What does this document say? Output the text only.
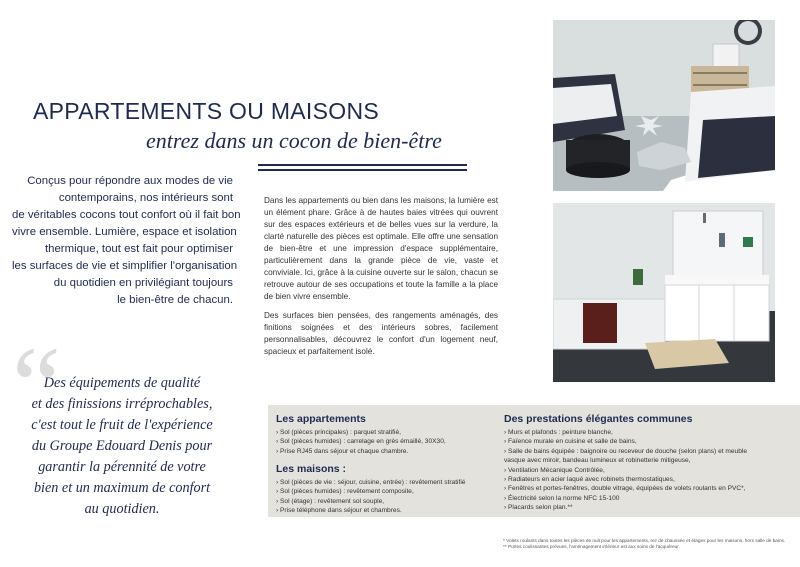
APPARTEMENTS OU MAISONS
entrez dans un cocon de bien-être
Conçus pour répondre aux modes de vie
contemporains, nos intérieurs sont
de véritables cocons tout confort où il fait bon
vivre ensemble. Lumière, espace et isolation
thermique, tout est fait pour optimiser
les surfaces de vie et simplifier l'organisation
du quotidien en privilégiant toujours
le bien-être de chacun.
“
Des équipements de qualité
et des finissions irréprochables,
c'est tout le fruit de l'expérience
du Groupe Edouard Denis pour
garantir la pérennité de votre
bien et un maximum de confort
au quotidien.

Dans les appartements ou bien dans les maisons, la lumière est un élément phare. Grâce à de hautes baies vitrées qui ouvrent sur des espaces extérieurs et de belles vues sur la verdure, la clarté naturelle des pièces est optimale. Elle offre une sensation de bien-être et une impression d'espace supplémentaire, particulièrement dans la grande pièce de vie, vaste et conviviale. Ici, grâce à la cuisine ouverte sur le salon, chacun se retrouve autour de ses occupations et toute la famille a la place de bien vivre ensemble.

Des surfaces bien pensées, des rangements aménagés, des finitions soignées et des intérieurs sobres, facilement personnalisables, découvrez le confort d'un logement neuf, spacieux et parfaitement isolé.

Les appartements
› Sol (pièces principales) : parquet stratifié,
› Sol (pièces humides) : carrelage en grès émaillé, 30X30,
› Prise RJ45 dans séjour et chaque chambre.
Les maisons :
› Sol (pièces de vie : séjour, cuisine, entrée) : revêtement stratifié
› Sol (pièces humides) : revêtement composite,
› Sol (étage) : revêtement sol souple,
› Prise téléphone dans séjour et chambres.
Des prestations élégantes communes
› Murs et plafonds : peinture blanche,
› Faïence murale en cuisine et salle de bains,
› Salle de bains équipée : baignoire ou receveur de douche (selon plans) et meuble
vasque avec miroir, bandeau lumineux et robinetterie mitigeuse,
› Ventilation Mécanique Contrôlée,
› Radiateurs en acier laqué avec robinets thermostatiques,
› Fenêtres et portes-fenêtres, double vitrage, équipées de volets roulants en PVC*,
› Électricité selon la norme NFC 15-100
› Placards selon plan.**
* Volets roulants dans toutes les pièces de nuit pour les appartements, rez de chaussée et étages pour les maisons, hors salle de bains. ** Portes coulissantes prévues, l'aménagement intérieur est aux soins de l'acquéreur.
